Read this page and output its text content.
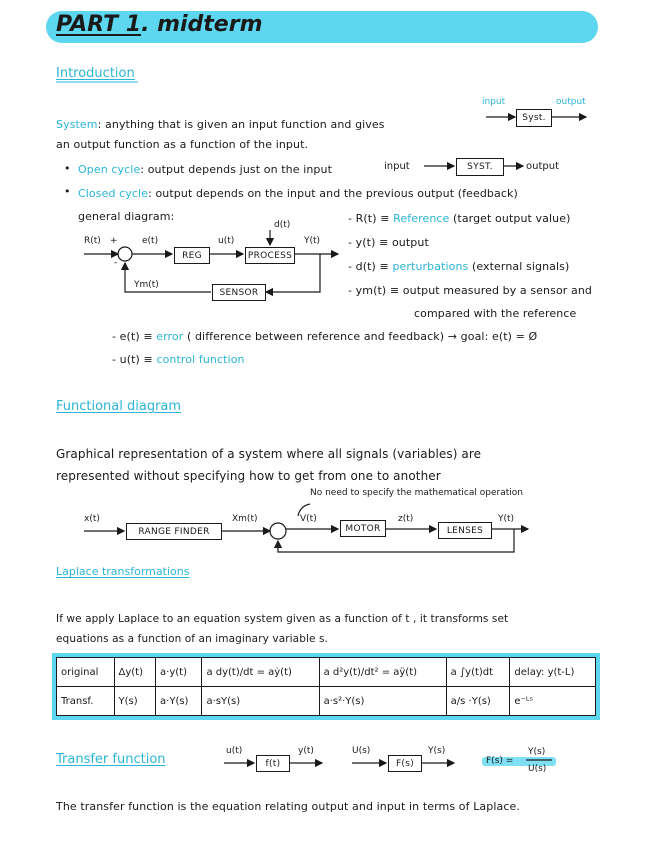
PART 1. midterm
Introduction
System: anything that is given an input function and gives
an output function as a function of the input.
input	output
Syst.
• Open cycle: output depends just on the input	input	SYST.	output
• Closed cycle: output depends on the input and the previous output (feedback)
general diagram:
R(t) +
-
e(t)
REG
u(t)
d(t)
PROCESS
Y(t)
Ym(t)
SENSOR
- R(t) ≡ Reference (target output value)
- y(t) ≡ output
- d(t) ≡ perturbations (external signals)
- ym(t) ≡ output measured by a sensor and
compared with the reference
- e(t) ≡ error ( difference between reference and feedback) → goal: e(t) = Ø
- u(t) ≡ control function
Functional diagram
Graphical representation of a system where all signals (variables) are
represented without specifying how to get from one to another
No need to specify the mathematical operation
x(t)
RANGE FINDER
Xm(t)	V(t)
MOTOR
z(t)
LENSES
Y(t)
Laplace transformations
If we apply Laplace to an equation system given as a function of t , it transforms set
equations as a function of an imaginary variable s.
original	Δy(t)	a·y(t)	a dy(t)/dt = aẏ(t)	a d²y(t)/dt² = aÿ(t)	a ∫y(t)dt	delay: y(t-L)
Transf.	Y(s)	a·Y(s)	a·sY(s)	a·s²·Y(s)	a/s ·Y(s)	e⁻ᴸˢ
Transfer function
u(t)
f(t)
y(t)	U(s)
F(s)
Y(s)
F(s) =
Y(s)
U(s)
The transfer function is the equation relating output and input in terms of Laplace.
